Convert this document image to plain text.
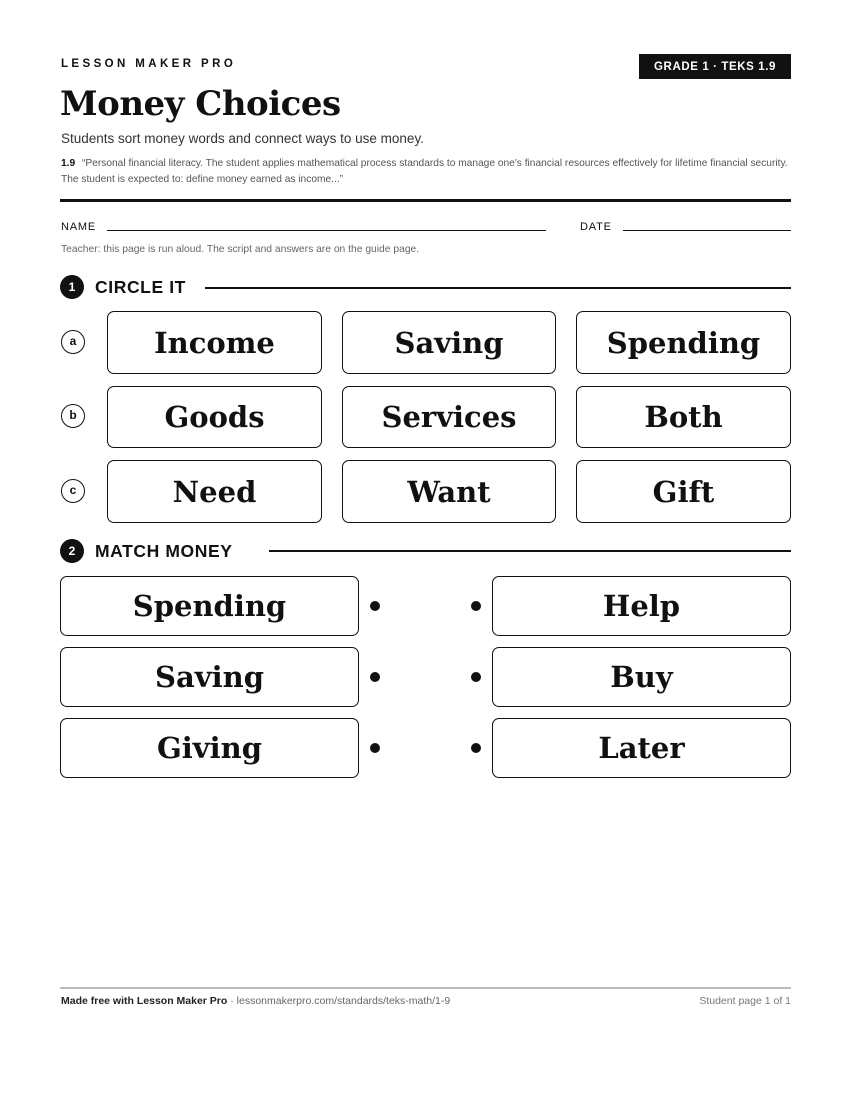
LESSON MAKER PRO	GRADE 1 · TEKS 1.9
Money Choices
Students sort money words and connect ways to use money.
1.9 “Personal financial literacy. The student applies mathematical process standards to manage one's financial resources effectively for lifetime financial security. The student is expected to: define money earned as income...”
NAME	DATE
Teacher: this page is run aloud. The script and answers are on the guide page.
1	CIRCLE IT
a	Income	Saving	Spending
b	Goods	Services	Both
c	Need	Want	Gift
2	MATCH MONEY
Spending	Help
Saving	Buy
Giving	Later
Made free with Lesson Maker Pro · lessonmakerpro.com/standards/teks-math/1-9	Student page 1 of 1
